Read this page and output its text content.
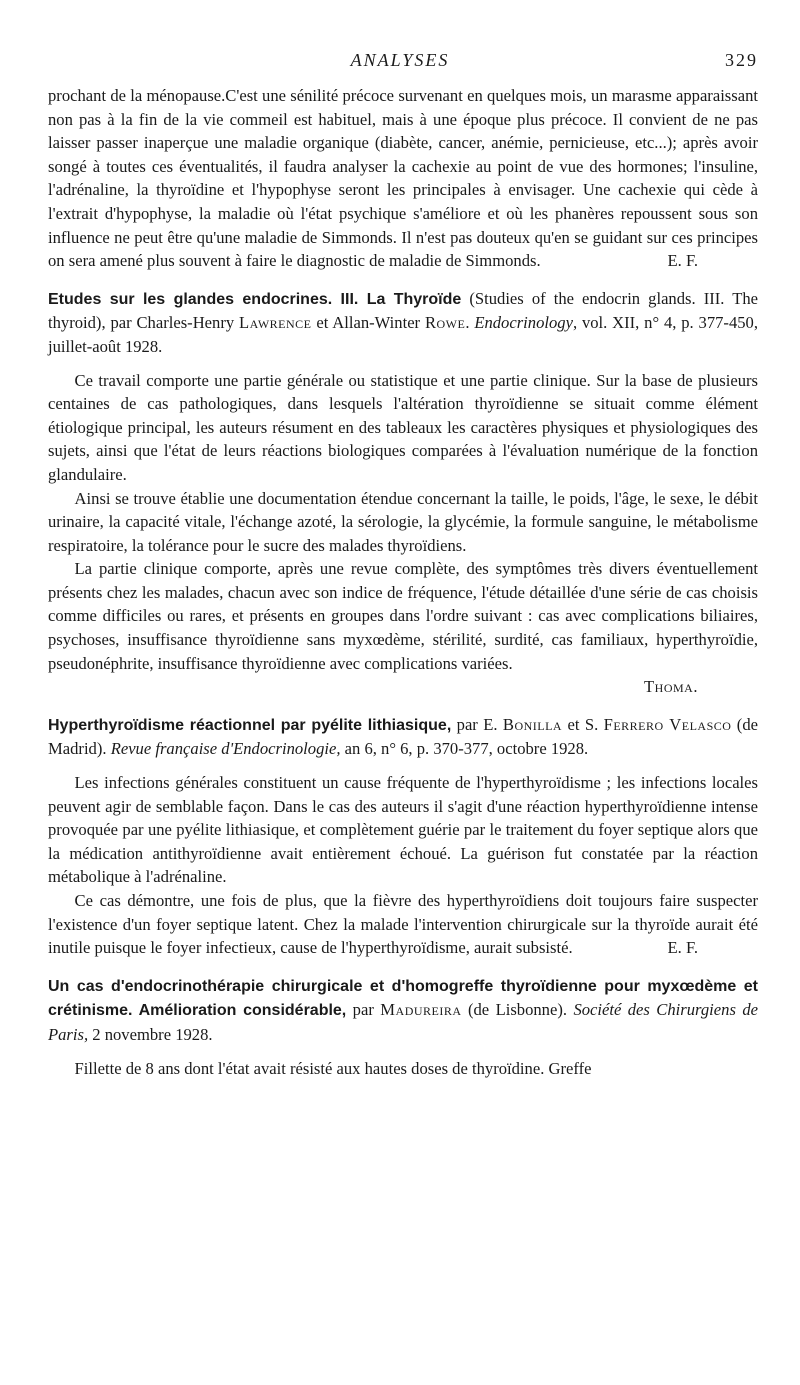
ANALYSES	329

prochant de la ménopause.C'est une sénilité précoce survenant en quelques mois, un marasme apparaissant non pas à la fin de la vie commeil est habituel, mais à une époque plus précoce. Il convient de ne pas laisser passer inaperçue une maladie organique (diabète, cancer, anémie, pernicieuse, etc...); après avoir songé à toutes ces éventualités, il faudra analyser la cachexie au point de vue des hormones; l'insuline, l'adrénaline, la thyroïdine et l'hypophyse seront les principales à envisager. Une cachexie qui cède à l'extrait d'hypophyse, la maladie où l'état psychique s'améliore et où les phanères repoussent sous son influence ne peut être qu'une maladie de Simmonds. Il n'est pas douteux qu'en se guidant sur ces principes on sera amené plus souvent à faire le diagnostic de maladie de Simmonds.	E. F.

Etudes sur les glandes endocrines. III. La Thyroïde (Studies of the endocrin glands. III. The thyroid), par Charles-Henry Lawrence et Allan-Winter Rowe. Endocrinology, vol. XII, n° 4, p. 377-450, juillet-août 1928.

Ce travail comporte une partie générale ou statistique et une partie clinique. Sur la base de plusieurs centaines de cas pathologiques, dans lesquels l'altération thyroïdienne se situait comme élément étiologique principal, les auteurs résument en des tableaux les caractères physiques et physiologiques des sujets, ainsi que l'état de leurs réactions biologiques comparées à l'évaluation numérique de la fonction glandulaire.

Ainsi se trouve établie une documentation étendue concernant la taille, le poids, l'âge, le sexe, le débit urinaire, la capacité vitale, l'échange azoté, la sérologie, la glycémie, la formule sanguine, le métabolisme respiratoire, la tolérance pour le sucre des malades thyroïdiens.

La partie clinique comporte, après une revue complète, des symptômes très divers éventuellement présents chez les malades, chacun avec son indice de fréquence, l'étude détaillée d'une série de cas choisis comme difficiles ou rares, et présents en groupes dans l'ordre suivant : cas avec complications biliaires, psychoses, insuffisance thyroïdienne sans myxœdème, stérilité, surdité, cas familiaux, hyperthyroïdie, pseudonéphrite, insuffisance thyroïdienne avec complications variées.

Thoma.

Hyperthyroïdisme réactionnel par pyélite lithiasique, par E. Bonilla et S. Ferrero Velasco (de Madrid). Revue française d'Endocrinologie, an 6, n° 6, p. 370-377, octobre 1928.

Les infections générales constituent un cause fréquente de l'hyperthyroïdisme ; les infections locales peuvent agir de semblable façon. Dans le cas des auteurs il s'agit d'une réaction hyperthyroïdienne intense provoquée par une pyélite lithiasique, et complètement guérie par le traitement du foyer septique alors que la médication antithyroïdienne avait entièrement échoué. La guérison fut constatée par la réaction métabolique à l'adrénaline.

Ce cas démontre, une fois de plus, que la fièvre des hyperthyroïdiens doit toujours faire suspecter l'existence d'un foyer septique latent. Chez la malade l'intervention chirurgicale sur la thyroïde aurait été inutile puisque le foyer infectieux, cause de l'hyperthyroïdisme, aurait subsisté.	E. F.

Un cas d'endocrinothérapie chirurgicale et d'homogreffe thyroïdienne pour myxœdème et crétinisme. Amélioration considérable, par Madureira (de Lisbonne). Société des Chirurgiens de Paris, 2 novembre 1928.

Fillette de 8 ans dont l'état avait résisté aux hautes doses de thyroïdine. Greffe
